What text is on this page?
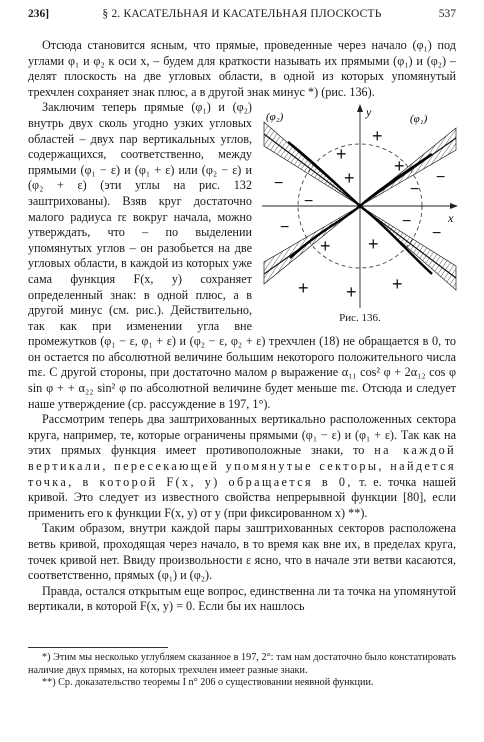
236]	§ 2. КАСАТЕЛЬНАЯ И КАСАТЕЛЬНАЯ ПЛОСКОСТЬ	537

Отсюда становится ясным, что прямые, проведенные через начало (φ₁) под углами φ₁ и φ₂ к оси x, – будем для краткости называть их прямыми (φ₁) и (φ₂) – делят плоскость на две угловых области, в одной из которых упомянутый трехчлен сохраняет знак плюс, а в другой знак минус *) (рис. 136).

(φ₁)
(φ₂)
x
y
+
+
+
+
+ +
+ + +
−
−
−
−
−
−
−
Рис. 136.

Заключим теперь прямые (φ₁) и (φ₂) внутрь двух сколь угодно узких угловых областей – двух пар вертикальных углов, содержащихся, соответственно, между прямыми (φ₁ − ε) и (φ₁ + ε) или (φ₂ − ε) и (φ₂ + ε) (эти углы на рис. 132 заштрихованы). Взяв круг достаточно малого радиуса rε вокруг начала, можно утверждать, что – по выделении упомянутых углов – он разобьется на две угловых области, в каждой из которых уже сама функция F(x, y) сохраняет определенный знак: в одной плюс, а в другой минус (см. рис.). Действительно, так как при изменении угла вне промежутков (φ₁ − ε, φ₁ + ε) и (φ₂ − ε, φ₂ + ε) трехчлен (18) не обращается в 0, то он остается по абсолютной величине большим некоторого положительного числа mε. С другой стороны, при достаточно малом ρ выражение α₁₁ cos² φ + 2α₁₂ cos φ sin φ + + α₂₂ sin² φ по абсолютной величине будет меньше mε. Отсюда и следует наше утверждение (ср. рассуждение в 197, 1°).

Рассмотрим теперь два заштрихованных вертикально расположенных сектора круга, например, те, которые ограничены прямыми (φ₁ − ε) и (φ₁ + ε). Так как на этих прямых функция имеет противоположные знаки, то на каждой вертикали, пересекающей упомянутые секторы, найдется точка, в которой F(x, y) обращается в 0, т. е. точка нашей кривой. Это следует из известного свойства непрерывной функции [80], если применить его к функции F(x, y) от y (при фиксированном x) **).

Таким образом, внутри каждой пары заштрихованных секторов расположена ветвь кривой, проходящая через начало, в то время как вне их, в пределах круга, точек кривой нет. Ввиду произвольности ε ясно, что в начале эти ветви касаются, соответственно, прямых (φ₁) и (φ₂).

Правда, остался открытым еще вопрос, единственна ли та точка на упомянутой вертикали, в которой F(x, y) = 0. Если бы их нашлось

*) Этим мы несколько углубляем сказанное в 197, 2°: там нам достаточно было констатировать наличие двух прямых, на которых трехчлен имеет разные знаки.

**) Ср. доказательство теоремы I n° 206 о существовании неявной функции.
